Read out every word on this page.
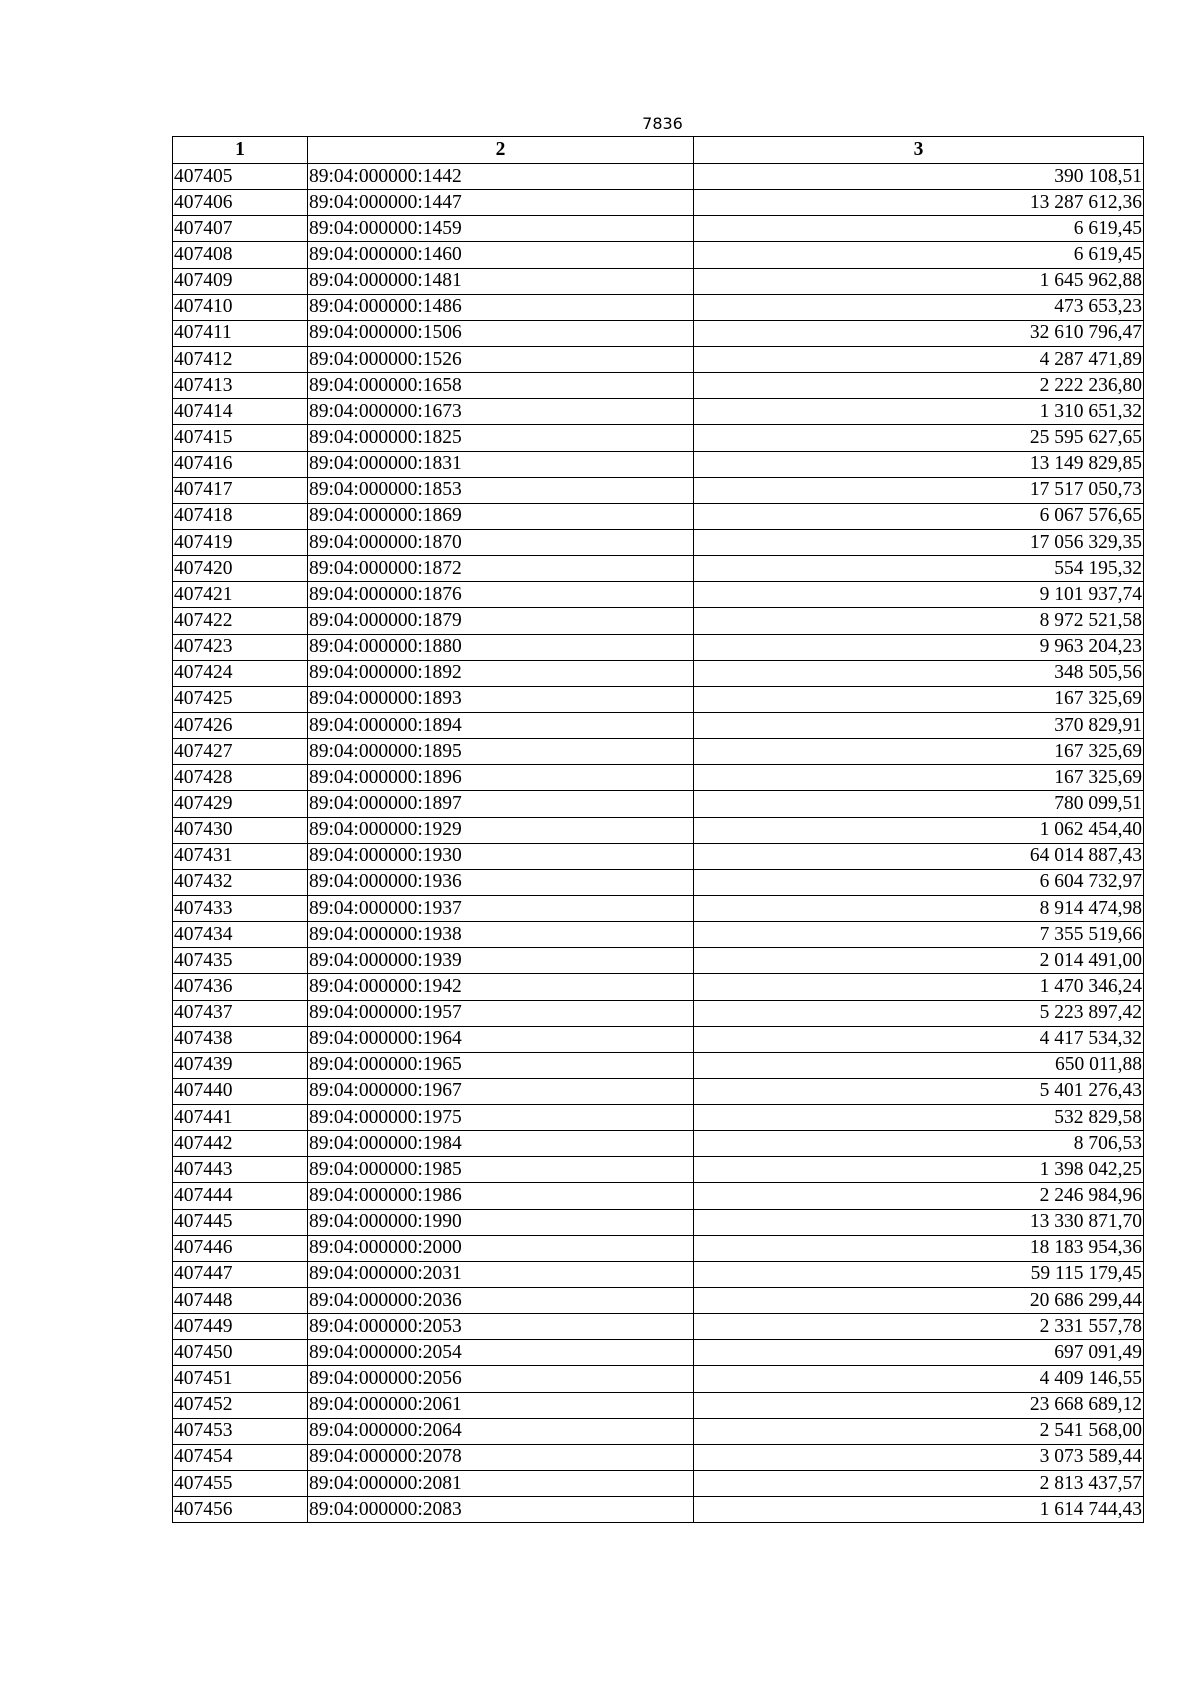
7836
1	2	3
407405	89:04:000000:1442	390 108,51
407406	89:04:000000:1447	13 287 612,36
407407	89:04:000000:1459	6 619,45
407408	89:04:000000:1460	6 619,45
407409	89:04:000000:1481	1 645 962,88
407410	89:04:000000:1486	473 653,23
407411	89:04:000000:1506	32 610 796,47
407412	89:04:000000:1526	4 287 471,89
407413	89:04:000000:1658	2 222 236,80
407414	89:04:000000:1673	1 310 651,32
407415	89:04:000000:1825	25 595 627,65
407416	89:04:000000:1831	13 149 829,85
407417	89:04:000000:1853	17 517 050,73
407418	89:04:000000:1869	6 067 576,65
407419	89:04:000000:1870	17 056 329,35
407420	89:04:000000:1872	554 195,32
407421	89:04:000000:1876	9 101 937,74
407422	89:04:000000:1879	8 972 521,58
407423	89:04:000000:1880	9 963 204,23
407424	89:04:000000:1892	348 505,56
407425	89:04:000000:1893	167 325,69
407426	89:04:000000:1894	370 829,91
407427	89:04:000000:1895	167 325,69
407428	89:04:000000:1896	167 325,69
407429	89:04:000000:1897	780 099,51
407430	89:04:000000:1929	1 062 454,40
407431	89:04:000000:1930	64 014 887,43
407432	89:04:000000:1936	6 604 732,97
407433	89:04:000000:1937	8 914 474,98
407434	89:04:000000:1938	7 355 519,66
407435	89:04:000000:1939	2 014 491,00
407436	89:04:000000:1942	1 470 346,24
407437	89:04:000000:1957	5 223 897,42
407438	89:04:000000:1964	4 417 534,32
407439	89:04:000000:1965	650 011,88
407440	89:04:000000:1967	5 401 276,43
407441	89:04:000000:1975	532 829,58
407442	89:04:000000:1984	8 706,53
407443	89:04:000000:1985	1 398 042,25
407444	89:04:000000:1986	2 246 984,96
407445	89:04:000000:1990	13 330 871,70
407446	89:04:000000:2000	18 183 954,36
407447	89:04:000000:2031	59 115 179,45
407448	89:04:000000:2036	20 686 299,44
407449	89:04:000000:2053	2 331 557,78
407450	89:04:000000:2054	697 091,49
407451	89:04:000000:2056	4 409 146,55
407452	89:04:000000:2061	23 668 689,12
407453	89:04:000000:2064	2 541 568,00
407454	89:04:000000:2078	3 073 589,44
407455	89:04:000000:2081	2 813 437,57
407456	89:04:000000:2083	1 614 744,43
